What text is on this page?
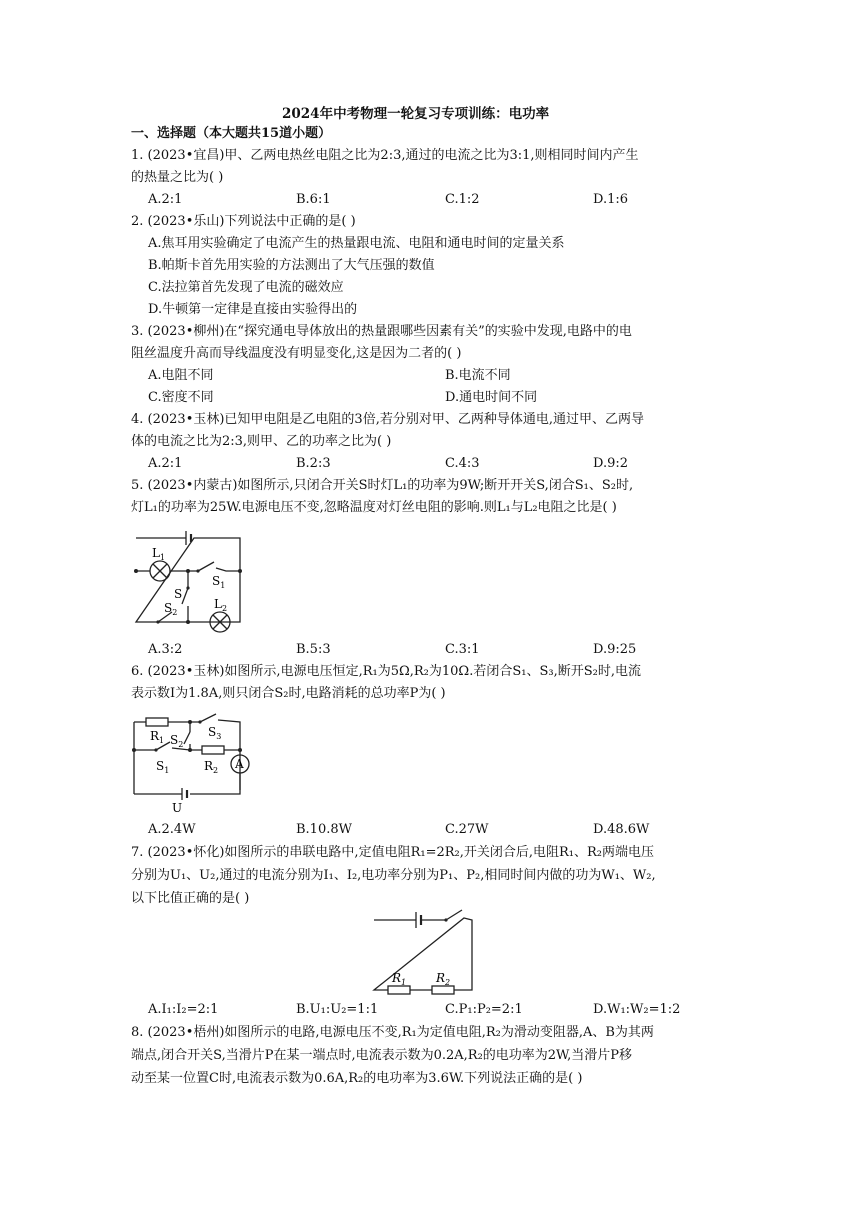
2024年中考物理一轮复习专项训练：电功率
一、选择题（本大题共15道小题）
1. (2023•宜昌)甲、乙两电热丝电阻之比为2:3,通过的电流之比为3:1,则相同时间内产生
的热量之比为( )
A.2:1	B.6:1	C.1:2	D.1:6
2. (2023•乐山)下列说法中正确的是( )
A.焦耳用实验确定了电流产生的热量跟电流、电阻和通电时间的定量关系
B.帕斯卡首先用实验的方法测出了大气压强的数值
C.法拉第首先发现了电流的磁效应
D.牛顿第一定律是直接由实验得出的
3. (2023•柳州)在“探究通电导体放出的热量跟哪些因素有关”的实验中发现,电路中的电
阻丝温度升高而导线温度没有明显变化,这是因为二者的( )
A.电阻不同	B.电流不同
C.密度不同	D.通电时间不同
4. (2023•玉林)已知甲电阻是乙电阻的3倍,若分别对甲、乙两种导体通电,通过甲、乙两导
体的电流之比为2:3,则甲、乙的功率之比为( )
A.2:1	B.2:3	C.4:3	D.9:2
5. (2023•内蒙古)如图所示,只闭合开关S时灯L₁的功率为9W;断开开关S,闭合S₁、S₂时,
灯L₁的功率为25W.电源电压不变,忽略温度对灯丝电阻的影响.则L₁与L₂电阻之比是( )
$L_1$
$S_1$
S
$S_2$
$L_2$
A.3:2	B.5:3	C.3:1	D.9:25
6. (2023•玉林)如图所示,电源电压恒定,R₁为5Ω,R₂为10Ω.若闭合S₁、S₃,断开S₂时,电流
表示数I为1.8A,则只闭合S₂时,电路消耗的总功率P为( )
A
$R_1$ $S_2$
$S_3$
$S_1$	$R_2$
U
A.2.4W	B.10.8W	C.27W	D.48.6W
7. (2023•怀化)如图所示的串联电路中,定值电阻R₁=2R₂,开关闭合后,电阻R₁、R₂两端电压
分别为U₁、U₂,通过的电流分别为I₁、I₂,电功率分别为P₁、P₂,相同时间内做的功为W₁、W₂,
以下比值正确的是( )
$R_1$ $R_2$
A.I₁:I₂=2:1	B.U₁:U₂=1:1	C.P₁:P₂=2:1	D.W₁:W₂=1:2
8. (2023•梧州)如图所示的电路,电源电压不变,R₁为定值电阻,R₂为滑动变阻器,A、B为其两
端点,闭合开关S,当滑片P在某一端点时,电流表示数为0.2A,R₂的电功率为2W,当滑片P移
动至某一位置C时,电流表示数为0.6A,R₂的电功率为3.6W.下列说法正确的是( )
